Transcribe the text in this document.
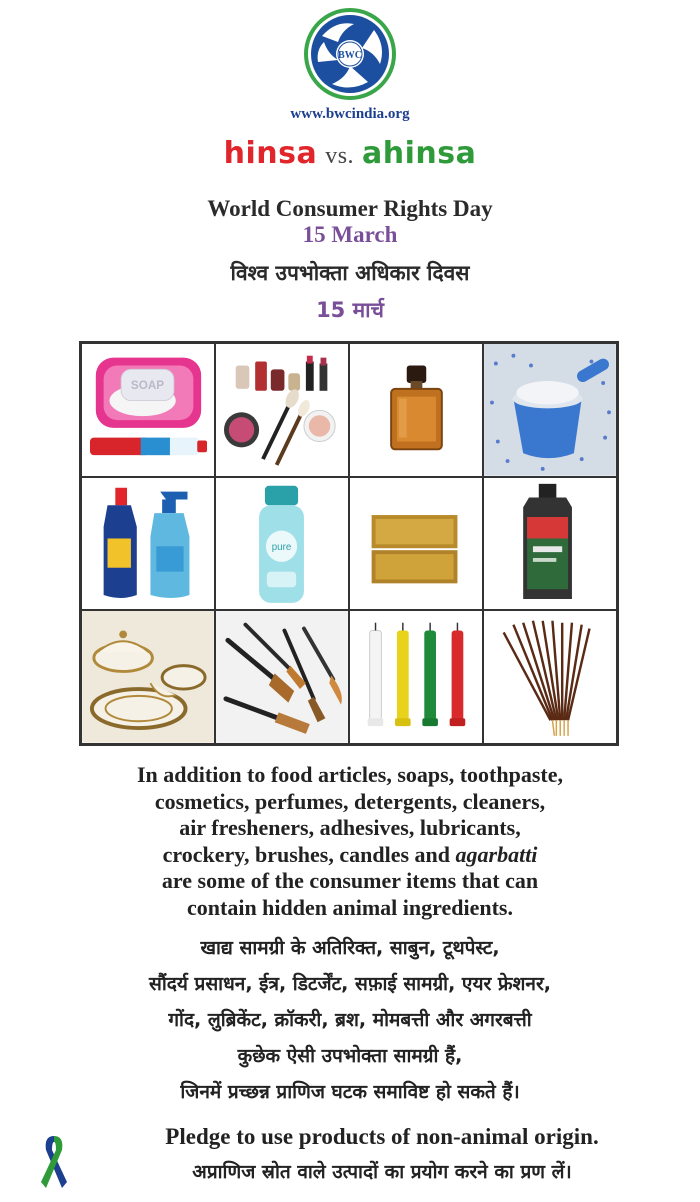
BWC
www.bwcindia.org
hinsa vs. ahinsa
World Consumer Rights Day
15 March
विश्व उपभोक्ता अधिकार दिवस
15 मार्च
SOAP
pure
In addition to food articles, soaps, toothpaste,
cosmetics, perfumes, detergents, cleaners,
air fresheners, adhesives, lubricants,
crockery, brushes, candles and agarbatti
are some of the consumer items that can
contain hidden animal ingredients.
खाद्य सामग्री के अतिरिक्त, साबुन, टूथपेस्ट,
सौंदर्य प्रसाधन, ईत्र, डिटर्जेंट, सफ़ाई सामग्री, एयर फ्रेशनर,
गोंद, लुब्रिकेंट, क्रॉकरी, ब्रश, मोमबत्ती और अगरबत्ती
कुछेक ऐसी उपभोक्ता सामग्री हैं,
जिनमें प्रच्छन्न प्राणिज घटक समाविष्ट हो सकते हैं।
Pledge to use products of non-animal origin.
अप्राणिज स्रोत वाले उत्पादों का प्रयोग करने का प्रण लें।
